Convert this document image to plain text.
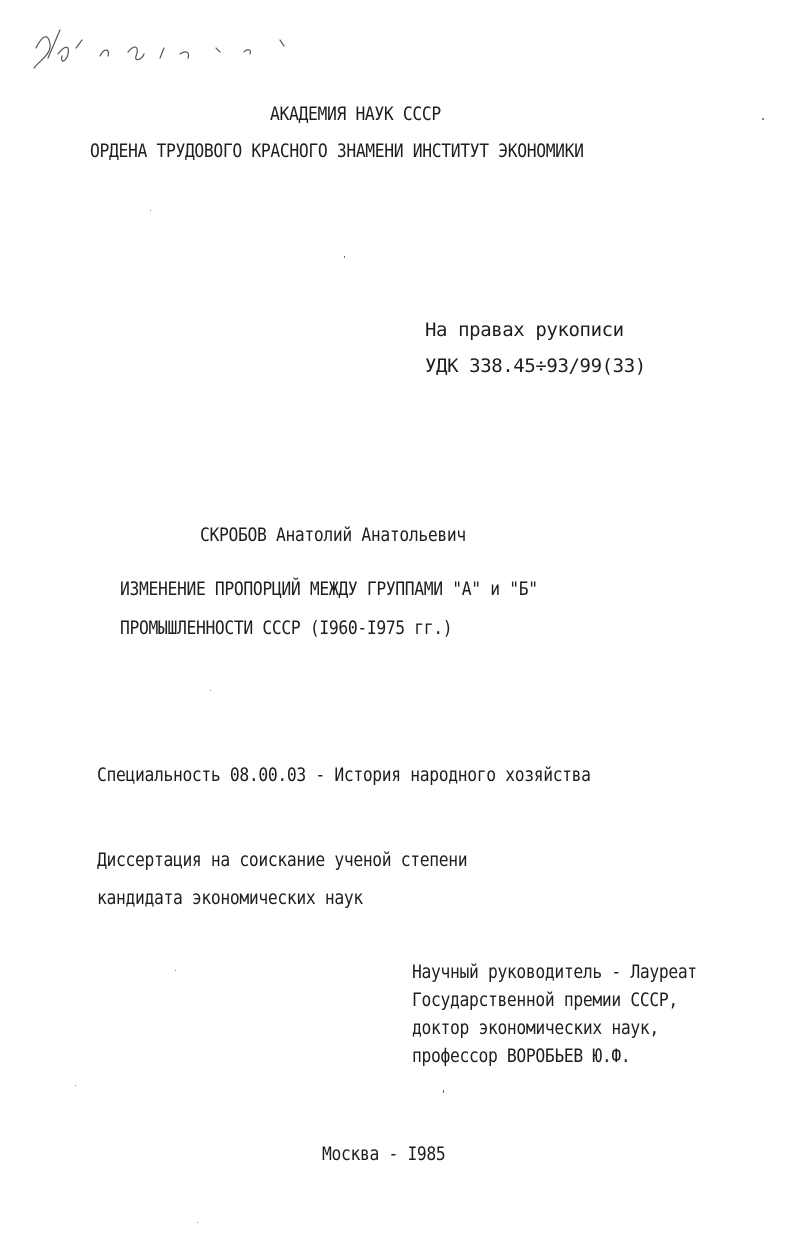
АКАДЕМИЯ НАУК СССР
ОРДЕНА ТРУДОВОГО КРАСНОГО ЗНАМЕНИ ИНСТИТУТ ЭКОНОМИКИ
На правах рукописи
УДК 338.45÷93/99(33)
СКРОБОВ Анатолий Анатольевич
ИЗМЕНЕНИЕ ПРОПОРЦИЙ МЕЖДУ ГРУППАМИ "А" и "Б"
ПРОМЫШЛЕННОСТИ СССР (I960-I975 гг.)
Специальность 08.00.03 - История народного хозяйства
Диссертация на соискание ученой степени
кандидата экономических наук
Научный руководитель - Лауреат
Государственной премии СССР,
доктор экономических наук,
профессор ВОРОБЬЕВ Ю.Ф.
Москва - I985
